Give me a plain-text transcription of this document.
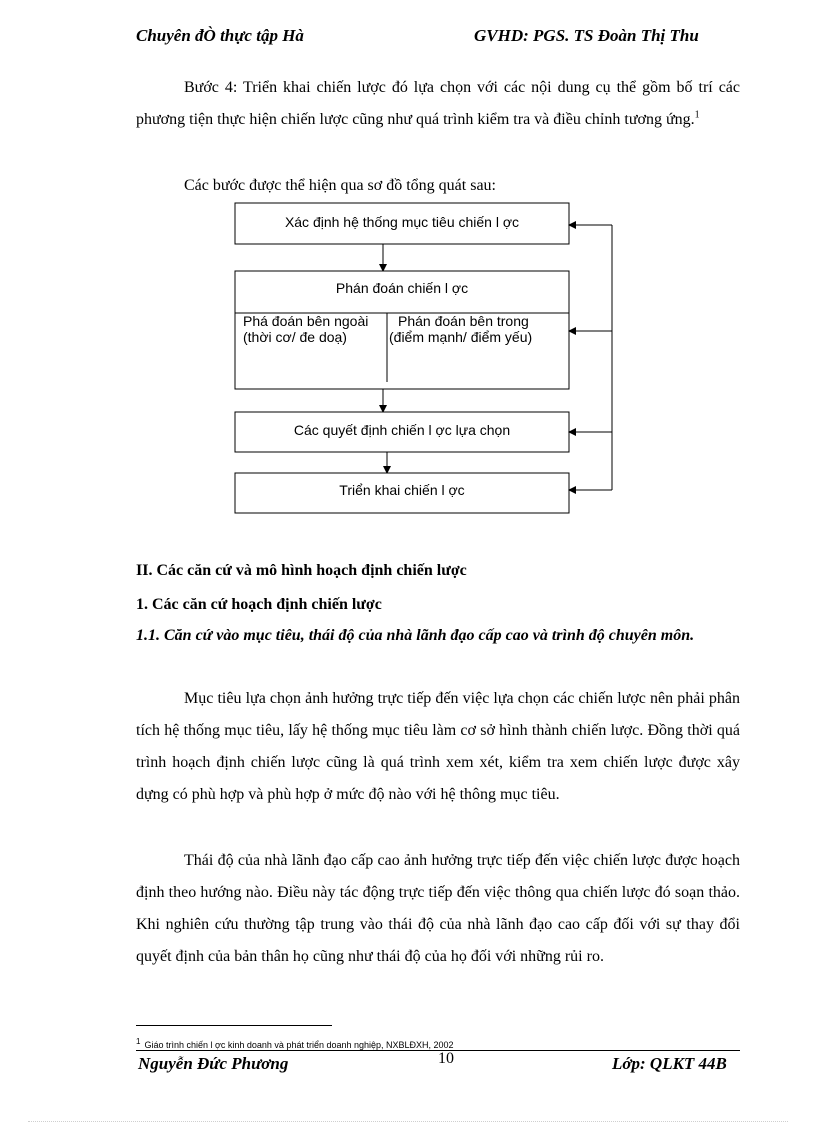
Chuyên đÒ thực tập Hà	GVHD: PGS. TS Đoàn Thị Thu

Bước 4: Triển khai chiến lược đó lựa chọn với các nội dung cụ thể gồm bố trí các phương tiện thực hiện chiến lược cũng như quá trình kiểm tra và điều chỉnh tương ứng.$^1$

Các bước được thể hiện qua sơ đồ tổng quát sau:

Xác định hệ thống mục tiêu chiến l ợc
Phán đoán chiến l ợc
Phá đoán bên ngoài
(thời cơ/ đe doạ)
Phán đoán bên trong
(điểm mạnh/ điểm yếu)
Các quyết định chiến l ợc lựa chọn
Triển khai chiến l ợc
II. Các căn cứ và mô hình hoạch định chiến lược
1. Các căn cứ hoạch định chiến lược
1.1. Căn cứ vào mục tiêu, thái độ của nhà lãnh đạo cấp cao và trình độ chuyên môn.

Mục tiêu lựa chọn ảnh hưởng trực tiếp đến việc lựa chọn các chiến lược nên phải phân tích hệ thống mục tiêu, lấy hệ thống mục tiêu làm cơ sở hình thành chiến lược. Đồng thời quá trình hoạch định chiến lược cũng là quá trình xem xét, kiểm tra xem chiến lược được xây dựng có phù hợp và phù hợp ở mức độ nào với hệ thông mục tiêu.

Thái độ của nhà lãnh đạo cấp cao ảnh hưởng trực tiếp đến việc chiến lược được hoạch định theo hướng nào. Điều này tác động trực tiếp đến việc thông qua chiến lược đó soạn thảo. Khi nghiên cứu thường tập trung vào thái độ của nhà lãnh đạo cao cấp đối với sự thay đổi quyết định của bản thân họ cũng như thái độ của họ đối với những rủi ro.

1 Giáo trình chiến l ợc kinh doanh và phát triển doanh nghiệp, NXBLĐXH, 2002
Nguyễn Đức Phương	10	Lớp: QLKT 44B
